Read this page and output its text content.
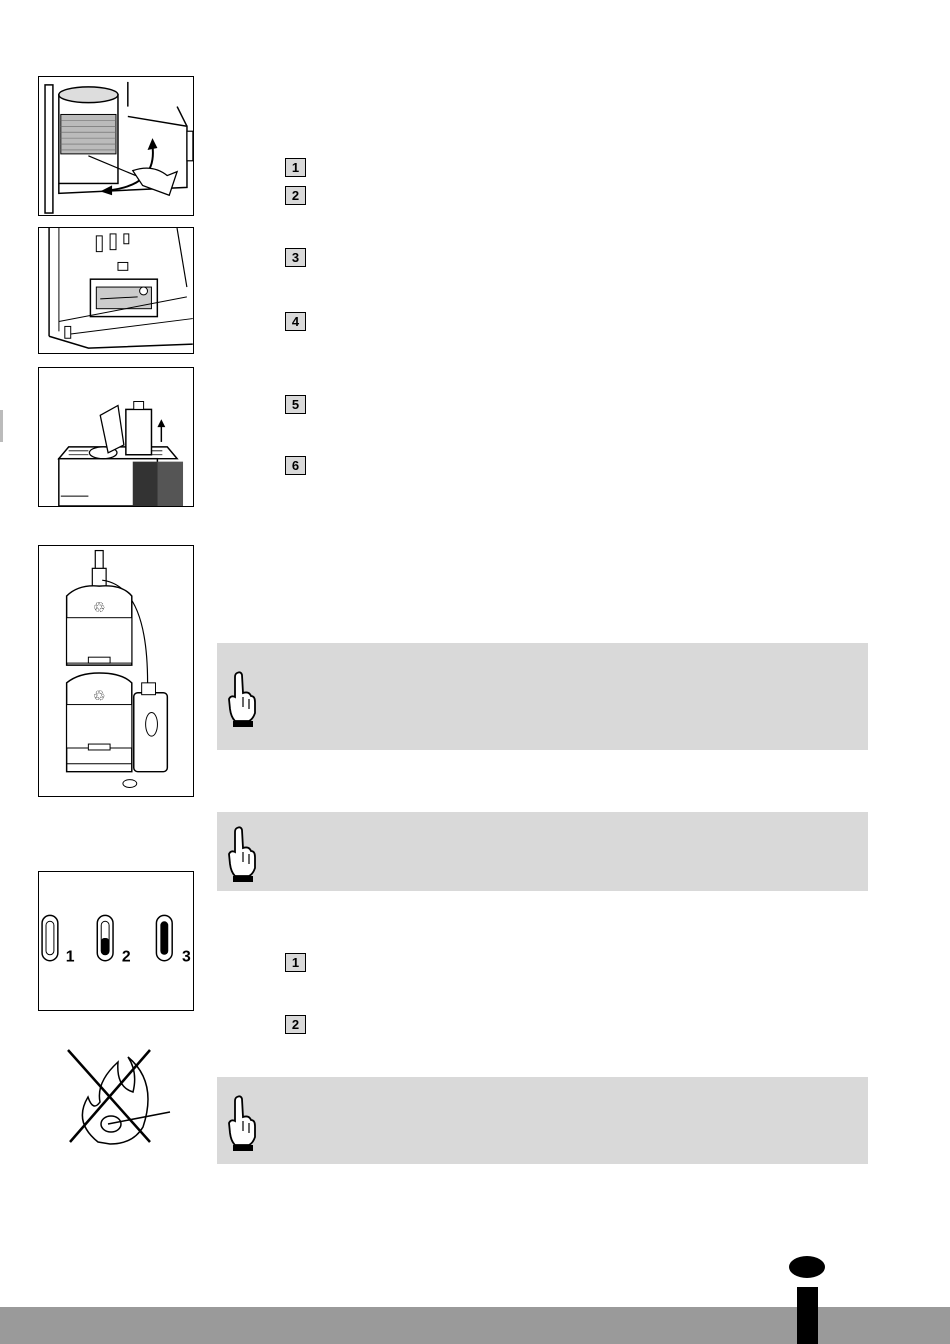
♲
♲
1	2	3
1
2
3
4
5
6
1
2
I
